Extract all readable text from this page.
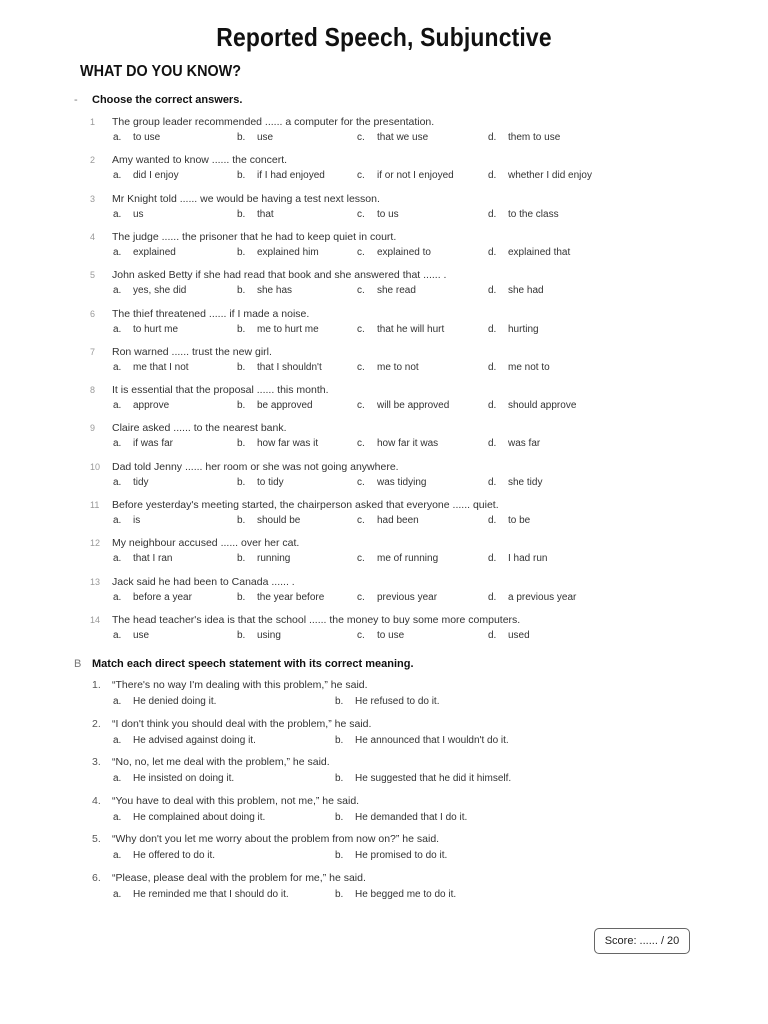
Reported Speech, Subjunctive
WHAT DO YOU KNOW?
- Choose the correct answers.
1 The group leader recommended ...... a computer for the presentation.
a. to use	b. use	c. that we use	d. them to use
2 Amy wanted to know ...... the concert.
a. did I enjoy	b. if I had enjoyed	c. if or not I enjoyed	d. whether I did enjoy
3 Mr Knight told ...... we would be having a test next lesson.
a. us	b. that	c. to us	d. to the class
4 The judge ...... the prisoner that he had to keep quiet in court.
a. explained	b. explained him	c. explained to	d. explained that
5 John asked Betty if she had read that book and she answered that ...... .
a. yes, she did	b. she has	c. she read	d. she had
6 The thief threatened ...... if I made a noise.
a. to hurt me	b. me to hurt me	c. that he will hurt	d. hurting
7 Ron warned ...... trust the new girl.
a. me that I not	b. that I shouldn't	c. me to not	d. me not to
8 It is essential that the proposal ...... this month.
a. approve	b. be approved	c. will be approved	d. should approve
9 Claire asked ...... to the nearest bank.
a. if was far	b. how far was it	c. how far it was	d. was far
10 Dad told Jenny ...... her room or she was not going anywhere.
a. tidy	b. to tidy	c. was tidying	d. she tidy
11 Before yesterday's meeting started, the chairperson asked that everyone ...... quiet.
a. is	b. should be	c. had been	d. to be
12 My neighbour accused ...... over her cat.
a. that I ran	b. running	c. me of running	d. I had run
13 Jack said he had been to Canada ...... .
a. before a year	b. the year before	c. previous year	d. a previous year
14 The head teacher's idea is that the school ...... the money to buy some more computers.
a. use	b. using	c. to use	d. used
B Match each direct speech statement with its correct meaning.
1. “There's no way I'm dealing with this problem,” he said.
a. He denied doing it.	b. He refused to do it.
2. “I don't think you should deal with the problem,” he said.
a. He advised against doing it.	b. He announced that I wouldn't do it.
3. “No, no, let me deal with the problem,” he said.
a. He insisted on doing it.	b. He suggested that he did it himself.
4. “You have to deal with this problem, not me,” he said.
a. He complained about doing it.	b. He demanded that I do it.
5. “Why don't you let me worry about the problem from now on?” he said.
a. He offered to do it.	b. He promised to do it.
6. “Please, please deal with the problem for me,” he said.
a. He reminded me that I should do it.	b. He begged me to do it.
Score: ...... / 20
